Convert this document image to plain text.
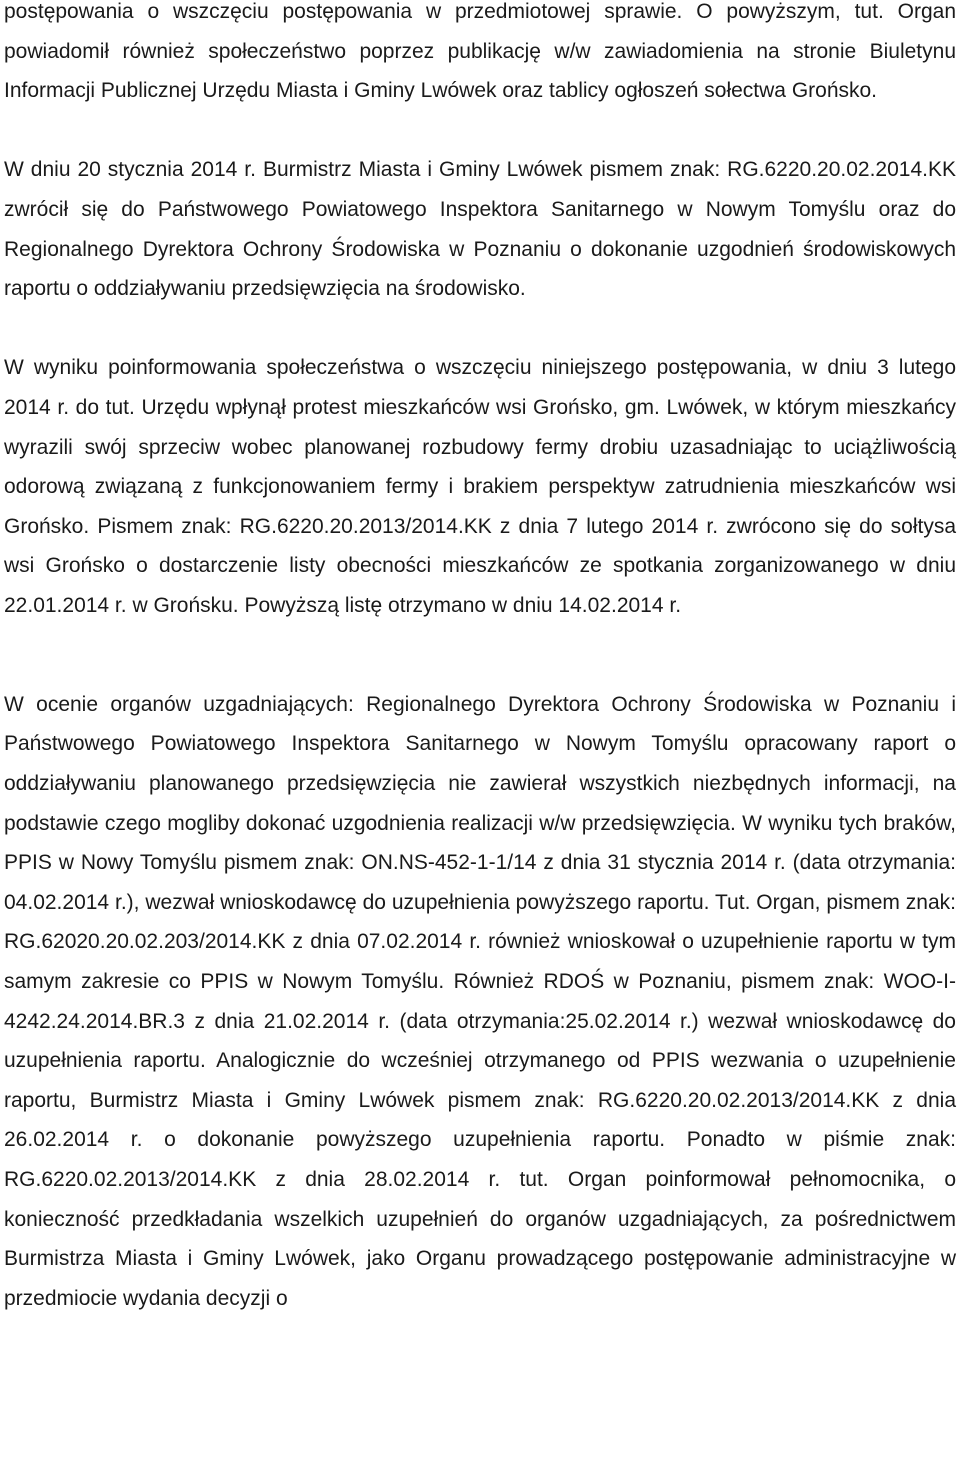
postępowania o wszczęciu postępowania w przedmiotowej sprawie. O powyższym, tut. Organ powiadomił również społeczeństwo poprzez publikację w/w zawiadomienia na stronie Biuletynu Informacji Publicznej Urzędu Miasta i Gminy Lwówek oraz tablicy ogłoszeń sołectwa Grońsko.

W dniu 20 stycznia 2014 r. Burmistrz Miasta i Gminy Lwówek pismem znak: RG.6220.20.02.2014.KK zwrócił się do Państwowego Powiatowego Inspektora Sanitarnego w Nowym Tomyślu oraz do Regionalnego Dyrektora Ochrony Środowiska w Poznaniu o dokonanie uzgodnień środowiskowych raportu o oddziaływaniu przedsięwzięcia na środowisko.

W wyniku poinformowania społeczeństwa o wszczęciu niniejszego postępowania, w dniu 3 lutego 2014 r. do tut. Urzędu wpłynął protest mieszkańców wsi Grońsko, gm. Lwówek, w którym mieszkańcy wyrazili swój sprzeciw wobec planowanej rozbudowy fermy drobiu uzasadniając to uciążliwością odorową związaną z funkcjonowaniem fermy i brakiem perspektyw zatrudnienia mieszkańców wsi Grońsko. Pismem znak: RG.6220.20.2013/2014.KK z dnia 7 lutego 2014 r. zwrócono się do sołtysa wsi Grońsko o dostarczenie listy obecności mieszkańców ze spotkania zorganizowanego w dniu 22.01.2014 r. w Grońsku. Powyższą listę otrzymano w dniu 14.02.2014 r.

W ocenie organów uzgadniających: Regionalnego Dyrektora Ochrony Środowiska w Poznaniu i Państwowego Powiatowego Inspektora Sanitarnego w Nowym Tomyślu opracowany raport o oddziaływaniu planowanego przedsięwzięcia nie zawierał wszystkich niezbędnych informacji, na podstawie czego mogliby dokonać uzgodnienia realizacji w/w przedsięwzięcia. W wyniku tych braków, PPIS w Nowy Tomyślu pismem znak: ON.NS-452-1-1/14 z dnia 31 stycznia 2014 r. (data otrzymania: 04.02.2014 r.), wezwał wnioskodawcę do uzupełnienia powyższego raportu. Tut. Organ, pismem znak: RG.62020.20.02.203/2014.KK z dnia 07.02.2014 r. również wnioskował o uzupełnienie raportu w tym samym zakresie co PPIS w Nowym Tomyślu. Również RDOŚ w Poznaniu, pismem znak: WOO-I-4242.24.2014.BR.3 z dnia 21.02.2014 r. (data otrzymania:25.02.2014 r.) wezwał wnioskodawcę do uzupełnienia raportu. Analogicznie do wcześniej otrzymanego od PPIS wezwania o uzupełnienie raportu, Burmistrz Miasta i Gminy Lwówek pismem znak: RG.6220.20.02.2013/2014.KK z dnia 26.02.2014 r. o dokonanie powyższego uzupełnienia raportu. Ponadto w piśmie znak: RG.6220.02.2013/2014.KK z dnia 28.02.2014 r. tut. Organ poinformował pełnomocnika, o konieczność przedkładania wszelkich uzupełnień do organów uzgadniających, za pośrednictwem Burmistrza Miasta i Gminy Lwówek, jako Organu prowadzącego postępowanie administracyjne w przedmiocie wydania decyzji o
